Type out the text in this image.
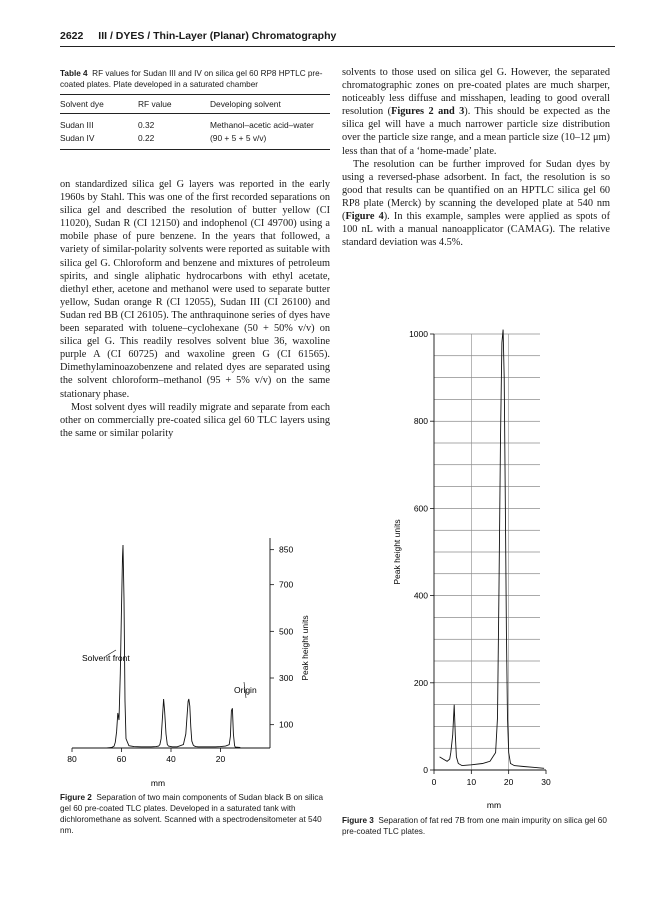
2622 III / DYES / Thin-Layer (Planar) Chromatography
Table 4 RF values for Sudan III and IV on silica gel 60 RP8 HPTLC pre-coated plates. Plate developed in a saturated chamber
Solvent dye	RF value	Developing solvent
Sudan III	0.32	Methanol–acetic acid–water
Sudan IV	0.22	(90 + 5 + 5 v/v)

on standardized silica gel G layers was reported in the early 1960s by Stahl. This was one of the first recorded separations on silica gel and described the resolution of butter yellow (CI 11020), Sudan R (CI 12150) and indophenol (CI 49700) using a mobile phase of pure benzene. In the years that followed, a variety of similar-polarity solvents were reported as suitable with silica gel G. Chloroform and benzene and mixtures of petroleum spirits, and single aliphatic hydrocarbons with ethyl acetate, diethyl ether, acetone and methanol were used to separate butter yellow, Sudan orange R (CI 12055), Sudan III (CI 26100) and Sudan red BB (CI 26105). The anthraquinone series of dyes have been separated with toluene–cyclohexane (50 + 50% v/v) on silica gel G. This readily resolves solvent blue 36, waxoline purple A (CI 60725) and waxoline green G (CI 61565). Dimethylaminoazobenzene and related dyes are separated using the solvent chloroform–methanol (95 + 5% v/v) on the same stationary phase.

Most solvent dyes will readily migrate and separate from each other on commercially pre-coated silica gel 60 TLC layers using the same or similar polarity

solvents to those used on silica gel G. However, the separated chromatographic zones on pre-coated plates are much sharper, noticeably less diffuse and misshapen, leading to good overall resolution (Figures 2 and 3). This should be expected as the silica gel will have a much narrower particle size distribution over the particle size range, and a mean particle size (10–12 μm) less than that of a ‘home-made’ plate.

The resolution can be further improved for Sudan dyes by using a reversed-phase adsorbent. In fact, the resolution is so good that results can be quantified on an HPTLC silica gel 60 RP8 plate (Merck) by scanning the developed plate at 540 nm (Figure 4). In this example, samples were applied as spots of 100 nL with a manual nanoapplicator (CAMAG). The relative standard deviation was 4.5%.

80	60	40	20
100
300
500
700
850
Solvent front
Origin
Peak height units
mm
Figure 2 Separation of two main components of Sudan black B on silica gel 60 pre-coated TLC plates. Developed in a saturated tank with dichloromethane as solvent. Scanned with a spectrodensitometer at 540 nm.
0
200
400
600
800
1000
0	10	20	30
Peak height units
mm
Figure 3 Separation of fat red 7B from one main impurity on silica gel 60 pre-coated TLC plates.
